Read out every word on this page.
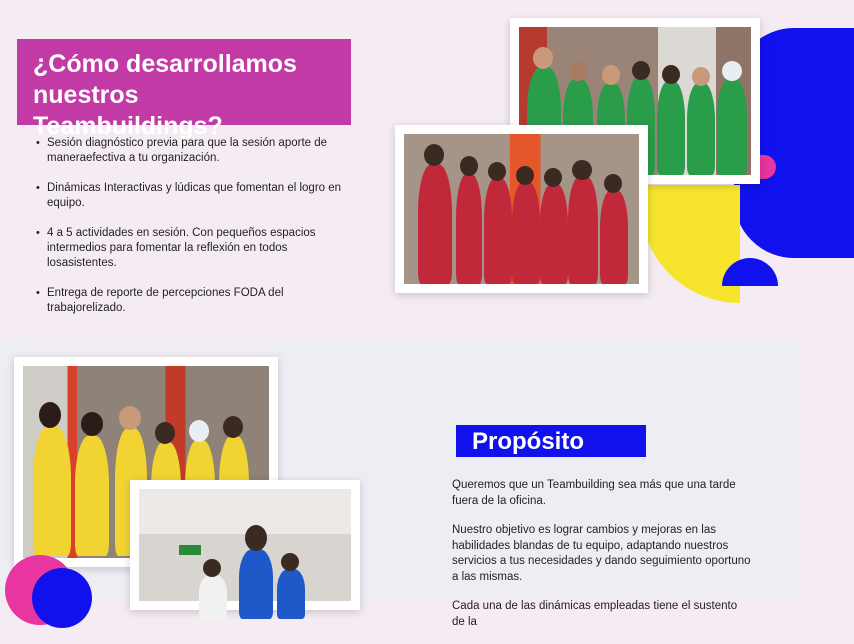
¿Cómo desarrollamos nuestros Teambuildings?
• Sesión diagnóstico previa para que la sesión aporte de maneraefectiva a tu organización.
• Dinámicas Interactivas y lúdicas que fomentan el logro en equipo.
• 4 a 5 actividades en sesión. Con pequeños espacios intermedios para fomentar la reflexión en todos losasistentes.
• Entrega de reporte de percepciones FODA del trabajorelizado.
Propósito

Queremos que un Teambuilding sea más que una tarde fuera de la oficina.

Nuestro objetivo es lograr cambios y mejoras en las habilidades blandas de tu equipo, adaptando nuestros servicios a tus necesidades y dando seguimiento oportuno a las mismas.

Cada una de las dinámicas empleadas tiene el sustento de la
